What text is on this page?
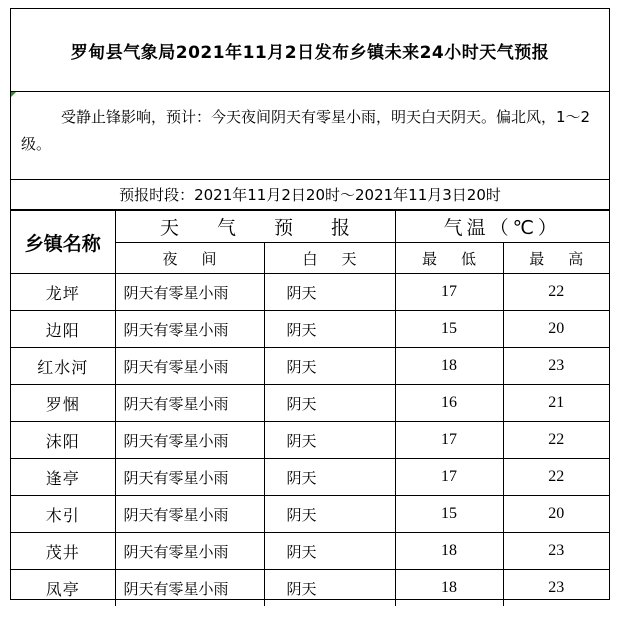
罗甸县气象局2021年11月2日发布乡镇未来24小时天气预报
受静止锋影响，预计：今天夜间阴天有零星小雨，明天白天阴天。偏北风，1～2级。
预报时段：2021年11月2日20时～2021年11月3日20时
乡镇名称	天气预报		气温（℃）	
	夜间	白天	最低	最高
龙坪	阴天有零星小雨	阴天	17	22
边阳	阴天有零星小雨	阴天	15	20
红水河	阴天有零星小雨	阴天	18	23
罗悃	阴天有零星小雨	阴天	16	21
沫阳	阴天有零星小雨	阴天	17	22
逢亭	阴天有零星小雨	阴天	17	22
木引	阴天有零星小雨	阴天	15	20
茂井	阴天有零星小雨	阴天	18	23
凤亭	阴天有零星小雨	阴天	18	23
